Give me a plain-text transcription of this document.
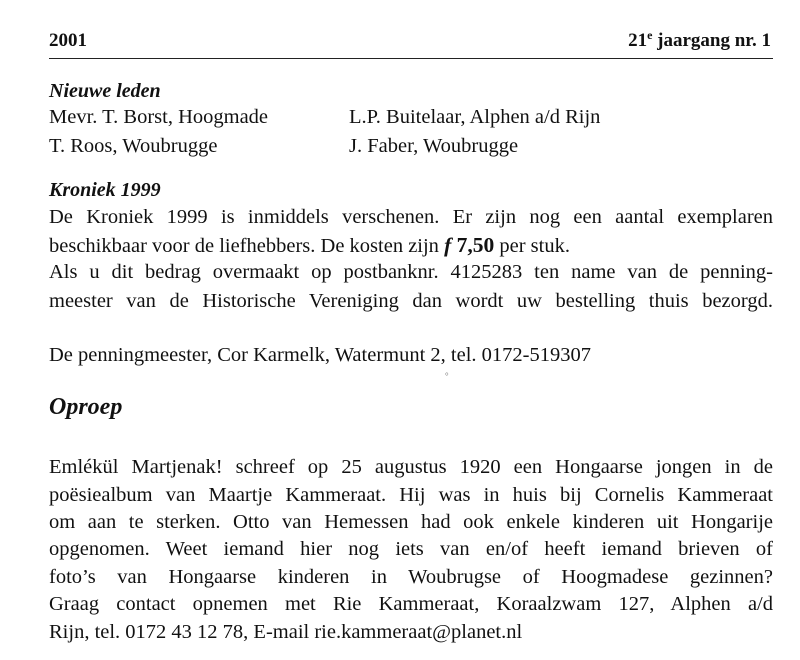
2001	21e jaargang nr. 1
Nieuwe leden
Mevr. T. Borst, Hoogmade	L.P. Buitelaar, Alphen a/d Rijn
T. Roos, Woubrugge	J. Faber, Woubrugge
Kroniek 1999
De Kroniek 1999 is inmiddels verschenen. Er zijn nog een aantal exemplaren
beschikbaar voor de liefhebbers. De kosten zijn f 7,50 per stuk.
Als u dit bedrag overmaakt op postbanknr. 4125283 ten name van de penning-
meester van de Historische Vereniging dan wordt uw bestelling thuis bezorgd.
De penningmeester, Cor Karmelk, Watermunt 2, tel. 0172-519307
°
Oproep
Emlékül Martjenak! schreef op 25 augustus 1920 een Hongaarse jongen in de
poësiealbum van Maartje Kammeraat. Hij was in huis bij Cornelis Kammeraat
om aan te sterken. Otto van Hemessen had ook enkele kinderen uit Hongarije
opgenomen. Weet iemand hier nog iets van en/of heeft iemand brieven of
foto’s van Hongaarse kinderen in Woubrugse of Hoogmadese gezinnen?
Graag contact opnemen met Rie Kammeraat, Koraalzwam 127, Alphen a/d
Rijn, tel. 0172 43 12 78, E-mail rie.kammeraat@planet.nl
